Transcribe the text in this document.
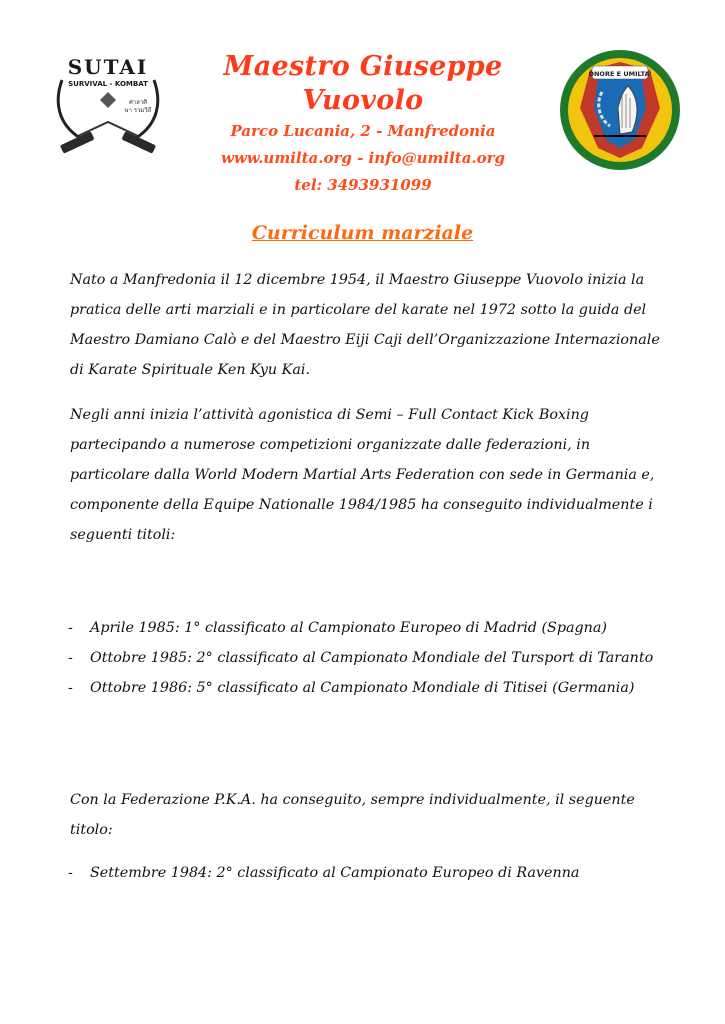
SUTAI
SURVIVAL - KOMBAT
ศาลาศิ
ษา รวมวิถี
Maestro Giuseppe Vuovolo
Parco Lucania, 2 - Manfredonia
www.umilta.org - info@umilta.org
tel: 3493931099
ONORE E UMILTA'
Curriculum marziale
Nato a Manfredonia il 12 dicembre 1954, il Maestro Giuseppe Vuovolo inizia la pratica delle arti marziali e in particolare del karate nel 1972 sotto la guida del Maestro Damiano Calò e del Maestro Eiji Caji dell’Organizzazione Internazionale di Karate Spirituale Ken Kyu Kai.
Negli anni inizia l’attività agonistica di Semi – Full Contact Kick Boxing partecipando a numerose competizioni organizzate dalle federazioni, in particolare dalla World Modern Martial Arts Federation con sede in Germania e, componente della Equipe Nationalle 1984/1985 ha conseguito individualmente i seguenti titoli:
- Aprile 1985: 1° classificato al Campionato Europeo di Madrid (Spagna)
- Ottobre 1985: 2° classificato al Campionato Mondiale del Tursport di Taranto
- Ottobre 1986: 5° classificato al Campionato Mondiale di Titisei (Germania)
Con la Federazione P.K.A. ha conseguito, sempre individualmente, il seguente titolo:
- Settembre 1984: 2° classificato al Campionato Europeo di Ravenna
